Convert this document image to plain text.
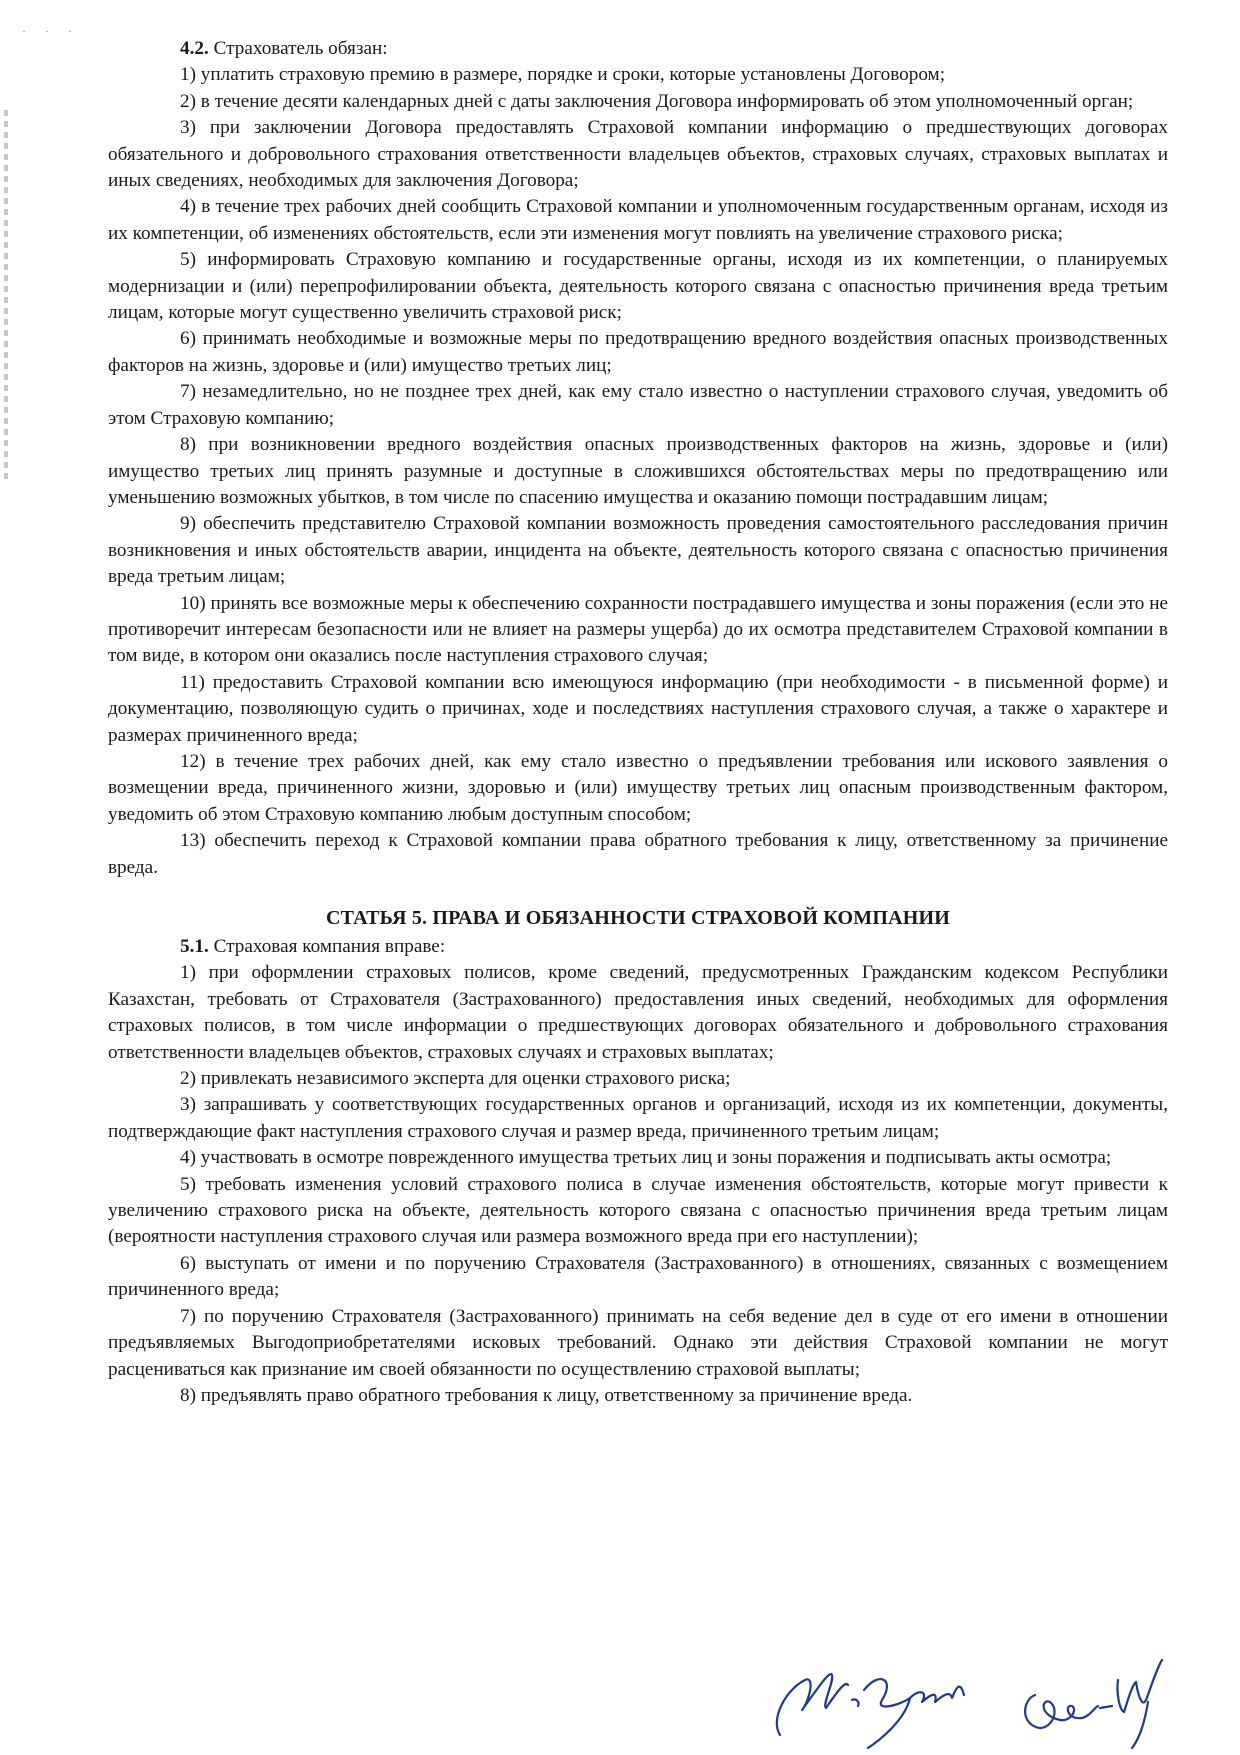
· · ·

4.2. Страхователь обязан:

1) уплатить страховую премию в размере, порядке и сроки, которые установлены Договором;

2) в течение десяти календарных дней с даты заключения Договора информировать об этом уполномоченный орган;

3) при заключении Договора предоставлять Страховой компании информацию о предшествующих договорах обязательного и добровольного страхования ответственности владельцев объектов, страховых случаях, страховых выплатах и иных сведениях, необходимых для заключения Договора;

4) в течение трех рабочих дней сообщить Страховой компании и уполномоченным государственным органам, исходя из их компетенции, об изменениях обстоятельств, если эти изменения могут повлиять на увеличение страхового риска;

5) информировать Страховую компанию и государственные органы, исходя из их компетенции, о планируемых модернизации и (или) перепрофилировании объекта, деятельность которого связана с опасностью причинения вреда третьим лицам, которые могут существенно увеличить страховой риск;

6) принимать необходимые и возможные меры по предотвращению вредного воздействия опасных производственных факторов на жизнь, здоровье и (или) имущество третьих лиц;

7) незамедлительно, но не позднее трех дней, как ему стало известно о наступлении страхового случая, уведомить об этом Страховую компанию;

8) при возникновении вредного воздействия опасных производственных факторов на жизнь, здоровье и (или) имущество третьих лиц принять разумные и доступные в сложившихся обстоятельствах меры по предотвращению или уменьшению возможных убытков, в том числе по спасению имущества и оказанию помощи пострадавшим лицам;

9) обеспечить представителю Страховой компании возможность проведения самостоятельного расследования причин возникновения и иных обстоятельств аварии, инцидента на объекте, деятельность которого связана с опасностью причинения вреда третьим лицам;

10) принять все возможные меры к обеспечению сохранности пострадавшего имущества и зоны поражения (если это не противоречит интересам безопасности или не влияет на размеры ущерба) до их осмотра представителем Страховой компании в том виде, в котором они оказались после наступления страхового случая;

11) предоставить Страховой компании всю имеющуюся информацию (при необходимости - в письменной форме) и документацию, позволяющую судить о причинах, ходе и последствиях наступления страхового случая, а также о характере и размерах причиненного вреда;

12) в течение трех рабочих дней, как ему стало известно о предъявлении требования или искового заявления о возмещении вреда, причиненного жизни, здоровью и (или) имуществу третьих лиц опасным производственным фактором, уведомить об этом Страховую компанию любым доступным способом;

13) обеспечить переход к Страховой компании права обратного требования к лицу, ответственному за причинение вреда.

СТАТЬЯ 5. ПРАВА И ОБЯЗАННОСТИ СТРАХОВОЙ КОМПАНИИ

5.1. Страховая компания вправе:

1) при оформлении страховых полисов, кроме сведений, предусмотренных Гражданским кодексом Республики Казахстан, требовать от Страхователя (Застрахованного) предоставления иных сведений, необходимых для оформления страховых полисов, в том числе информации о предшествующих договорах обязательного и добровольного страхования ответственности владельцев объектов, страховых случаях и страховых выплатах;

2) привлекать независимого эксперта для оценки страхового риска;

3) запрашивать у соответствующих государственных органов и организаций, исходя из их компетенции, документы, подтверждающие факт наступления страхового случая и размер вреда, причиненного третьим лицам;

4) участвовать в осмотре поврежденного имущества третьих лиц и зоны поражения и подписывать акты осмотра;

5) требовать изменения условий страхового полиса в случае изменения обстоятельств, которые могут привести к увеличению страхового риска на объекте, деятельность которого связана с опасностью причинения вреда третьим лицам (вероятности наступления страхового случая или размера возможного вреда при его наступлении);

6) выступать от имени и по поручению Страхователя (Застрахованного) в отношениях, связанных с возмещением причиненного вреда;

7) по поручению Страхователя (Застрахованного) принимать на себя ведение дел в суде от его имени в отношении предъявляемых Выгодоприобретателями исковых требований. Однако эти действия Страховой компании не могут расцениваться как признание им своей обязанности по осуществлению страховой выплаты;

8) предъявлять право обратного требования к лицу, ответственному за причинение вреда.
